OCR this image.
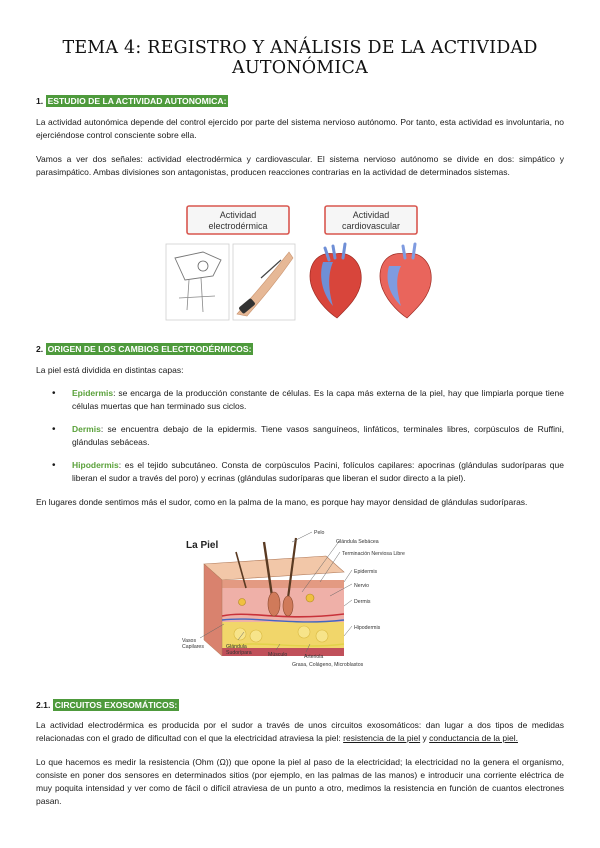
TEMA 4: REGISTRO Y ANÁLISIS DE LA ACTIVIDAD AUTONÓMICA
1. ESTUDIO DE LA ACTIVIDAD AUTONOMICA:
La actividad autonómica depende del control ejercido por parte del sistema nervioso autónomo. Por tanto, esta actividad es involuntaria, no ejerciéndose control consciente sobre ella.
Vamos a ver dos señales: actividad electrodérmica y cardiovascular. El sistema nervioso autónomo se divide en dos: simpático y parasimpático. Ambas divisiones son antagonistas, producen reacciones contrarias en la actividad de determinados sistemas.
Actividad
electrodérmica
Actividad
cardiovascular
2. ORIGEN DE LOS CAMBIOS ELECTRODÉRMICOS:
La piel está dividida en distintas capas:
•	Epidermis: se encarga de la producción constante de células. Es la capa más externa de la piel, hay que limpiarla porque tiene células muertas que han terminado sus ciclos.
•	Dermis: se encuentra debajo de la epidermis. Tiene vasos sanguíneos, linfáticos, terminales libres, corpúsculos de Ruffini, glándulas sebáceas.
•	Hipodermis: es el tejido subcutáneo. Consta de corpúsculos Pacini, folículos capilares: apocrinas (glándulas sudoríparas que liberan el sudor a través del poro) y ecrinas (glándulas sudoríparas que liberan el sudor directo a la piel).
En lugares donde sentimos más el sudor, como en la palma de la mano, es porque hay mayor densidad de glándulas sudoríparas.
La Piel
Pelo
Glándula Sebácea
Terminación Nerviosa Libre
Epidermis
Nervio
Dermis
Hipodermis
Vasos
Capilares	Glándula
Sudorípara	Músculo	Arteriola
Grasa, Colágeno, Microblastos
2.1. CIRCUITOS EXOSOMÁTICOS:
La actividad electrodérmica es producida por el sudor a través de unos circuitos exosomáticos: dan lugar a dos tipos de medidas relacionadas con el grado de dificultad con el que la electricidad atraviesa la piel: resistencia de la piel y conductancia de la piel.
Lo que hacemos es medir la resistencia (Ohm (Ω)) que opone la piel al paso de la electricidad; la electricidad no la genera el organismo, consiste en poner dos sensores en determinados sitios (por ejemplo, en las palmas de las manos) e introducir una corriente eléctrica de muy poquita intensidad y ver como de fácil o difícil atraviesa de un punto a otro, medimos la resistencia en función de cuantos electrones pasan.
